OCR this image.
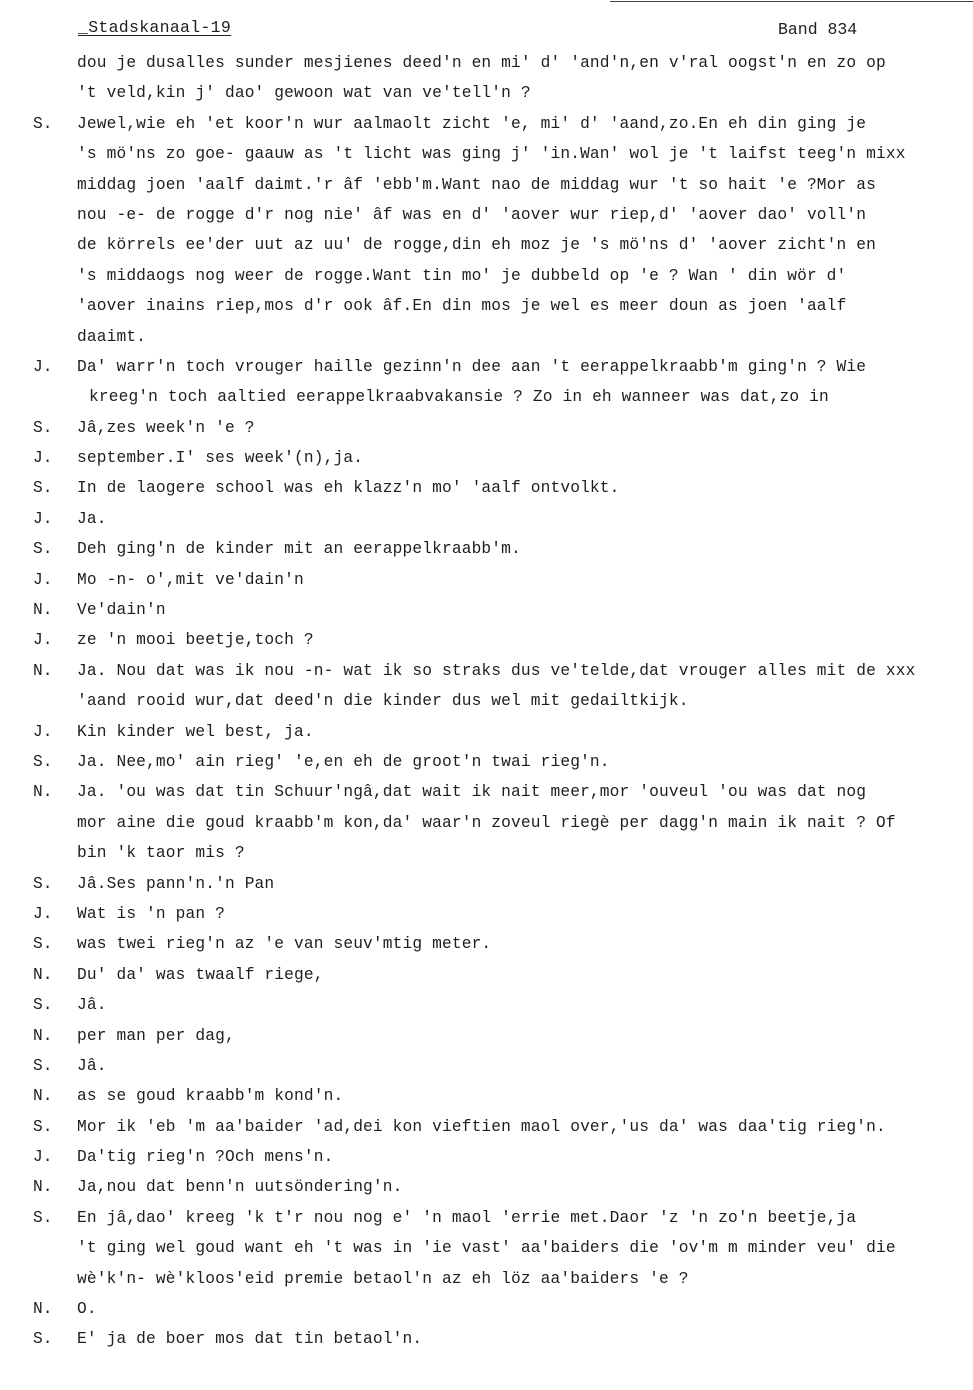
_Stadskanaal-19	Band 834
dou je dusalles sunder mesjienes deed'n en mi' d' 'and'n,en v'ral oogst'n en zo op
't veld,kin j' dao' gewoon wat van ve'tell'n ?
S. Jewel,wie eh 'et koor'n wur aalmaolt zicht 'e, mi' d' 'aand,zo.En eh din ging je
's mö'ns zo goe- gaauw as 't licht was ging j' 'in.Wan' wol je 't laifst teeg'n mixx
middag joen 'aalf daimt.'r âf 'ebb'm.Want nao de middag wur 't so hait 'e ?Mor as
nou -e- de rogge d'r nog nie' âf was en d' 'aover wur riep,d' 'aover dao' voll'n
de körrels ee'der uut az uu' de rogge,din eh moz je 's mö'ns d' 'aover zicht'n en
's middaogs nog weer de rogge.Want tin mo' je dubbeld op 'e ? Wan ' din wör d'
'aover inains riep,mos d'r ook âf.En din mos je wel es meer doun as joen 'aalf
daaimt.
J. Da' warr'n toch vrouger haille gezinn'n dee aan 't eerappelkraabb'm ging'n ? Wie
kreeg'n toch aaltied eerappelkraabvakansie ? Zo in eh wanneer was dat,zo in
S. Jâ,zes week'n 'e ?
J. september.I' ses week'(n),ja.
S. In de laogere school was eh klazz'n mo' 'aalf ontvolkt.
J. Ja.
S. Deh ging'n de kinder mit an eerappelkraabb'm.
J. Mo -n- o',mit ve'dain'n
N. Ve'dain'n
J. ze 'n mooi beetje,toch ?
N. Ja. Nou dat was ik nou -n- wat ik so straks dus ve'telde,dat vrouger alles mit de xxx
'aand rooid wur,dat deed'n die kinder dus wel mit gedailtkijk.
J. Kin kinder wel best, ja.
S. Ja. Nee,mo' ain rieg' 'e,en eh de groot'n twai rieg'n.
N. Ja. 'ou was dat tin Schuur'ngâ,dat wait ik nait meer,mor 'ouveul 'ou was dat nog
mor aine die goud kraabb'm kon,da' waar'n zoveul riegè per dagg'n main ik nait ? Of
bin 'k taor mis ?
S. Jâ.Ses pann'n.'n Pan
J. Wat is 'n pan ?
S. was twei rieg'n az 'e van seuv'mtig meter.
N. Du' da' was twaalf riege,
S. Jâ.
N. per man per dag,
S. Jâ.
N. as se goud kraabb'm kond'n.
S. Mor ik 'eb 'm aa'baider 'ad,dei kon vieftien maol over,'us da' was daa'tig rieg'n.
J. Da'tig rieg'n ?Och mens'n.
N. Ja,nou dat benn'n uutsöndering'n.
S. En jâ,dao' kreeg 'k t'r nou nog e' 'n maol 'errie met.Daor 'z 'n zo'n beetje,ja
't ging wel goud want eh 't was in 'ie vast' aa'baiders die 'ov'm m minder veu' die
wè'k'n- wè'kloos'eid premie betaol'n az eh löz aa'baiders 'e ?
N. O.
S. E' ja de boer mos dat tin betaol'n.
